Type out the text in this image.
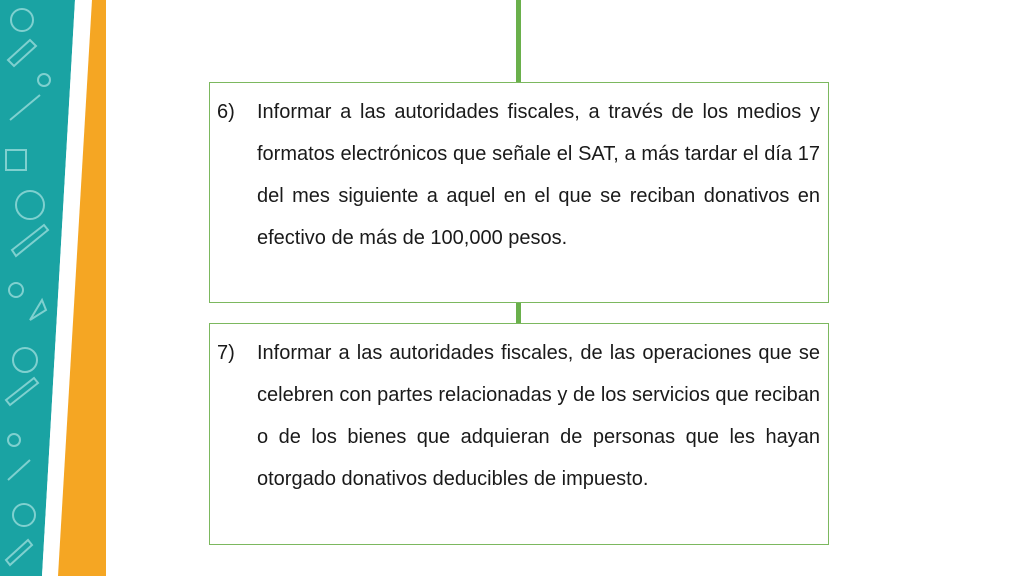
6)	Informar a las autoridades fiscales, a través de los medios y formatos electrónicos que señale el SAT, a más tardar el día 17 del mes siguiente a aquel en el que se reciban donativos en efectivo de más de 100,000 pesos.
7)	Informar a las autoridades fiscales, de las operaciones que se celebren con partes relacionadas y de los servicios que reciban o de los bienes que adquieran de personas que les hayan otorgado donativos deducibles de impuesto.
